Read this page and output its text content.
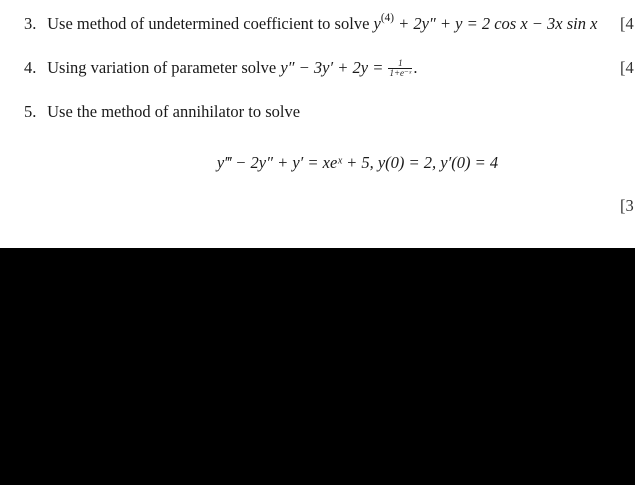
3. Use method of undetermined coefficient to solve $y^{(4)} + 2y'' + y = 2$ cos x − 3x sin x	[4
4. Using variation of parameter solve $y'' - 3y' + 2y = \frac{1}{\text{1+e⁻ˣ}}$ .	[4
5. Use the method of annihilator to solve
y‴ − 2y″ + y′ = xeˣ + 5, y(0) = 2, y′(0) = 4
[3
